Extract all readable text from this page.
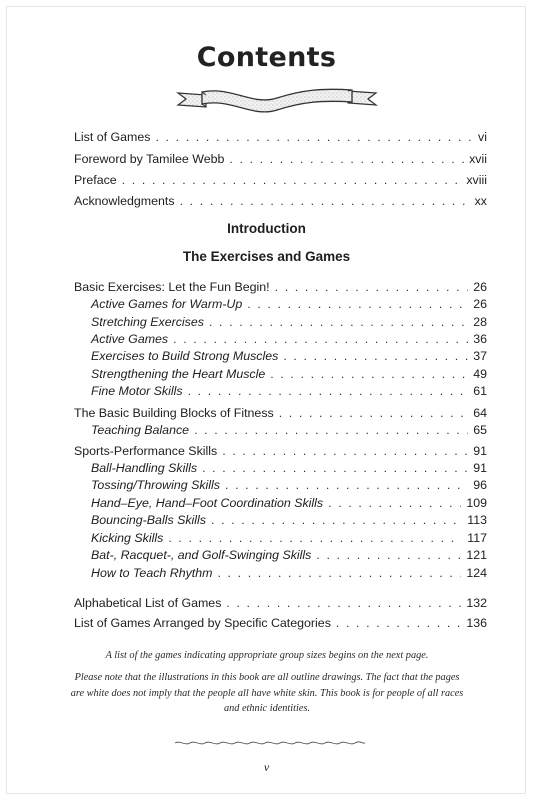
Contents
List of Games . . .	vi
Foreword by Tamilee Webb . . .	xvii
Preface . . .	xviii
Acknowledgments . . .	xx
Introduction
The Exercises and Games
Basic Exercises: Let the Fun Begin! . . .	26
Active Games for Warm-Up . . .	26
Stretching Exercises . . .	28
Active Games . . .	36
Exercises to Build Strong Muscles . . .	37
Strengthening the Heart Muscle . . .	49
Fine Motor Skills . . .	61
The Basic Building Blocks of Fitness . . .	64
Teaching Balance . . .	65
Sports-Performance Skills . . .	91
Ball-Handling Skills . . .	91
Tossing/Throwing Skills . . .	96
Hand–Eye, Hand–Foot Coordination Skills . . .	109
Bouncing-Balls Skills . . .	113
Kicking Skills . . .	117
Bat-, Racquet-, and Golf-Swinging Skills . . .	121
How to Teach Rhythm . . .	124
Alphabetical List of Games . . .	132
List of Games Arranged by Specific Categories . . .	136
A list of the games indicating appropriate group sizes begins on the next page.
Please note that the illustrations in this book are all outline drawings. The fact that the pages are white does not imply that the people all have white skin. This book is for people of all races and ethnic identities.
v
